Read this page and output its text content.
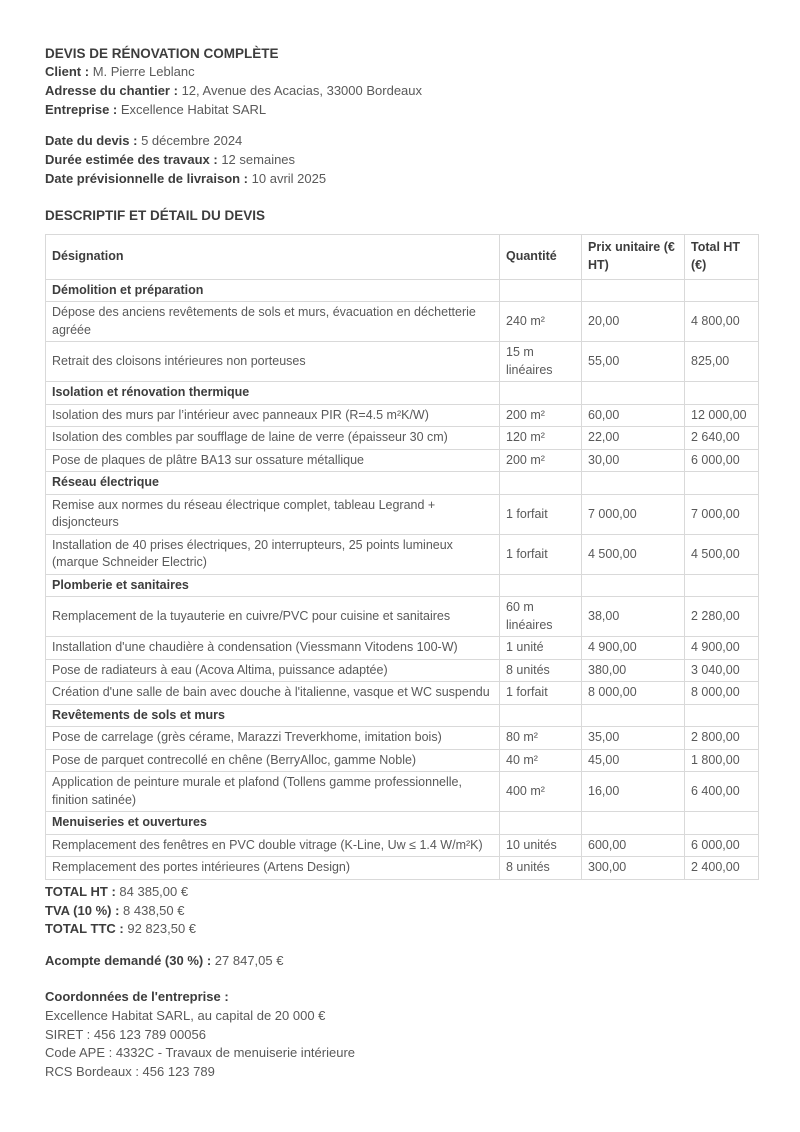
DEVIS DE RÉNOVATION COMPLÈTE
Client : M. Pierre Leblanc
Adresse du chantier : 12, Avenue des Acacias, 33000 Bordeaux
Entreprise : Excellence Habitat SARL
Date du devis : 5 décembre 2024
Durée estimée des travaux : 12 semaines
Date prévisionnelle de livraison : 10 avril 2025
DESCRIPTIF ET DÉTAIL DU DEVIS
Désignation	Quantité	Prix unitaire (€ HT)	Total HT (€)
Démolition et préparation			
Dépose des anciens revêtements de sols et murs, évacuation en déchetterie agréée	240 m²	20,00	4 800,00
Retrait des cloisons intérieures non porteuses	15 m linéaires	55,00	825,00
Isolation et rénovation thermique			
Isolation des murs par l’intérieur avec panneaux PIR (R=4.5 m²K/W)	200 m²	60,00	12 000,00
Isolation des combles par soufflage de laine de verre (épaisseur 30 cm)	120 m²	22,00	2 640,00
Pose de plaques de plâtre BA13 sur ossature métallique	200 m²	30,00	6 000,00
Réseau électrique			
Remise aux normes du réseau électrique complet, tableau Legrand + disjoncteurs	1 forfait	7 000,00	7 000,00
Installation de 40 prises électriques, 20 interrupteurs, 25 points lumineux (marque Schneider Electric)	1 forfait	4 500,00	4 500,00
Plomberie et sanitaires			
Remplacement de la tuyauterie en cuivre/PVC pour cuisine et sanitaires	60 m linéaires	38,00	2 280,00
Installation d'une chaudière à condensation (Viessmann Vitodens 100-W)	1 unité	4 900,00	4 900,00
Pose de radiateurs à eau (Acova Altima, puissance adaptée)	8 unités	380,00	3 040,00
Création d'une salle de bain avec douche à l'italienne, vasque et WC suspendu	1 forfait	8 000,00	8 000,00
Revêtements de sols et murs			
Pose de carrelage (grès cérame, Marazzi Treverkhome, imitation bois)	80 m²	35,00	2 800,00
Pose de parquet contrecollé en chêne (BerryAlloc, gamme Noble)	40 m²	45,00	1 800,00
Application de peinture murale et plafond (Tollens gamme professionnelle, finition satinée)	400 m²	16,00	6 400,00
Menuiseries et ouvertures			
Remplacement des fenêtres en PVC double vitrage (K-Line, Uw ≤ 1.4 W/m²K)	10 unités	600,00	6 000,00
Remplacement des portes intérieures (Artens Design)	8 unités	300,00	2 400,00
TOTAL HT : 84 385,00 €
TVA (10 %) : 8 438,50 €
TOTAL TTC : 92 823,50 €
Acompte demandé (30 %) : 27 847,05 €
Coordonnées de l'entreprise :
Excellence Habitat SARL, au capital de 20 000 €
SIRET : 456 123 789 00056
Code APE : 4332C - Travaux de menuiserie intérieure
RCS Bordeaux : 456 123 789
